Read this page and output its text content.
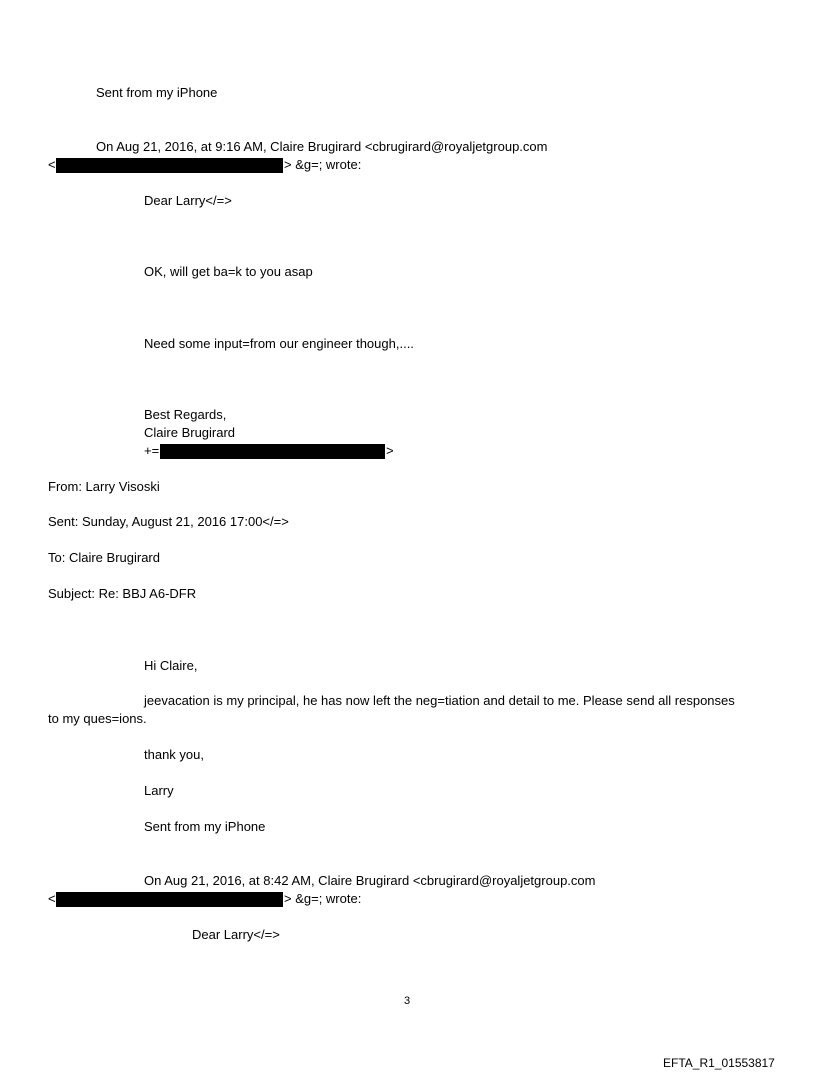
Sent from my iPhone
On Aug 21, 2016, at 9:16 AM, Claire Brugirard <cbrugirard@royaljetgroup.com
<	> &g=; wrote:
Dear Larry</=>
OK, will get ba=k to you asap
Need some input=from our engineer though,....
Best Regards,
Claire Brugirard
+=	>
From: Larry Visoski
Sent: Sunday, August 21, 2016 17:00</=>
To: Claire Brugirard
Subject: Re: BBJ A6-DFR
Hi Claire,
jeevacation is my principal, he has now left the neg=tiation and detail to me. Please send all responses
to my ques=ions.
thank you,
Larry
Sent from my iPhone
On Aug 21, 2016, at 8:42 AM, Claire Brugirard <cbrugirard@royaljetgroup.com
<	> &g=; wrote:
Dear Larry</=>
3
EFTA_R1_01553817
